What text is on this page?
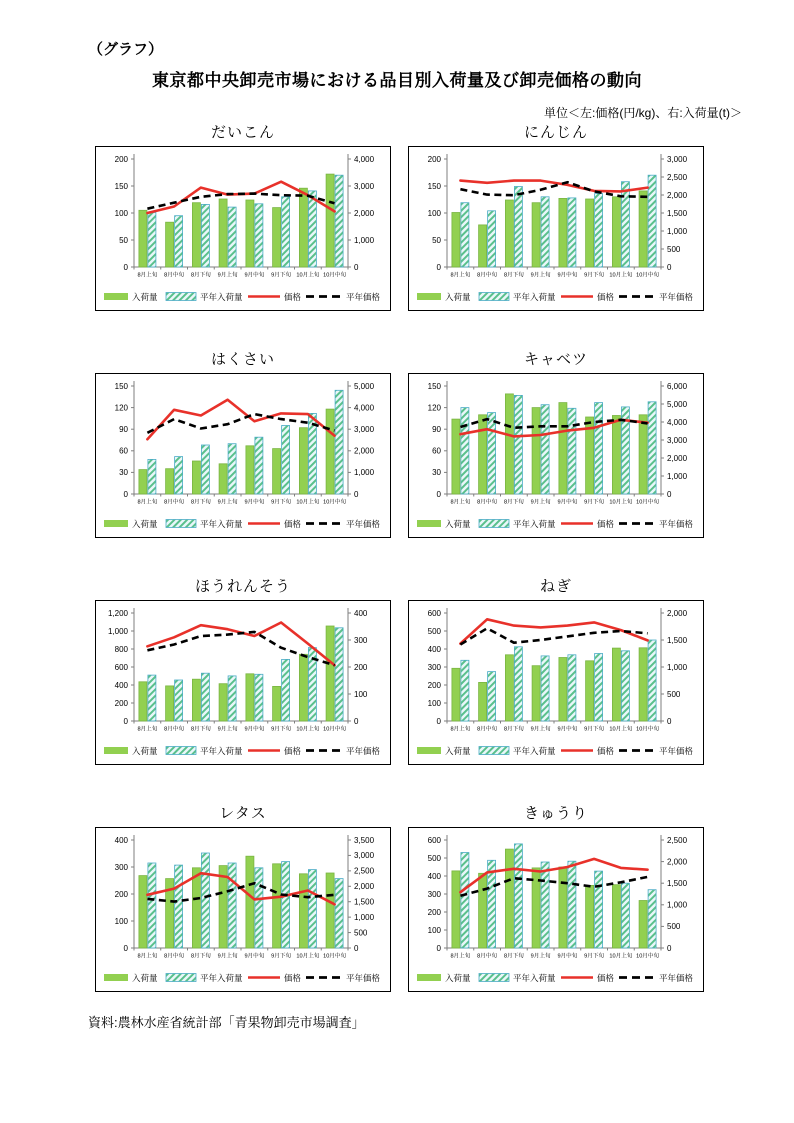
（グラフ）
東京都中央卸売市場における品目別入荷量及び卸売価格の動向
単位＜左:価格(円/kg)、右:入荷量(t)＞
だいこん
0
50
100
150
200
0
1,000
2,000
3,000
4,000
8月上旬 8月中旬 8月下旬 9月上旬 9月中旬 9月下旬 10月上旬 10月中旬
入荷量	平年入荷量	価格	平年価格
にんじん
0
50
100
150
200
0
500
1,000
1,500
2,000
2,500
3,000
8月上旬 8月中旬 8月下旬 9月上旬 9月中旬 9月下旬 10月上旬 10月中旬
入荷量	平年入荷量	価格	平年価格
はくさい
0
30
60
90
120
150
0
1,000
2,000
3,000
4,000
5,000
8月上旬 8月中旬 8月下旬 9月上旬 9月中旬 9月下旬 10月上旬 10月中旬
入荷量	平年入荷量	価格	平年価格
キャベツ
0
30
60
90
120
150
0
1,000
2,000
3,000
4,000
5,000
6,000
8月上旬 8月中旬 8月下旬 9月上旬 9月中旬 9月下旬 10月上旬 10月中旬
入荷量	平年入荷量	価格	平年価格
ほうれんそう
0
200
400
600
800
1,000
1,200
0
100
200
300
400
8月上旬 8月中旬 8月下旬 9月上旬 9月中旬 9月下旬 10月上旬 10月中旬
入荷量	平年入荷量	価格	平年価格
ねぎ
0
100
200
300
400
500
600
0
500
1,000
1,500
2,000
8月上旬 8月中旬 8月下旬 9月上旬 9月中旬 9月下旬 10月上旬 10月中旬
入荷量	平年入荷量	価格	平年価格
レタス
0
100
200
300
400
0
500
1,000
1,500
2,000
2,500
3,000
3,500
8月上旬 8月中旬 8月下旬 9月上旬 9月中旬 9月下旬 10月上旬 10月中旬
入荷量	平年入荷量	価格	平年価格
きゅうり
0
100
200
300
400
500
600
0
500
1,000
1,500
2,000
2,500
8月上旬 8月中旬 8月下旬 9月上旬 9月中旬 9月下旬 10月上旬 10月中旬
入荷量	平年入荷量	価格	平年価格
資料:農林水産省統計部「青果物卸売市場調査」
